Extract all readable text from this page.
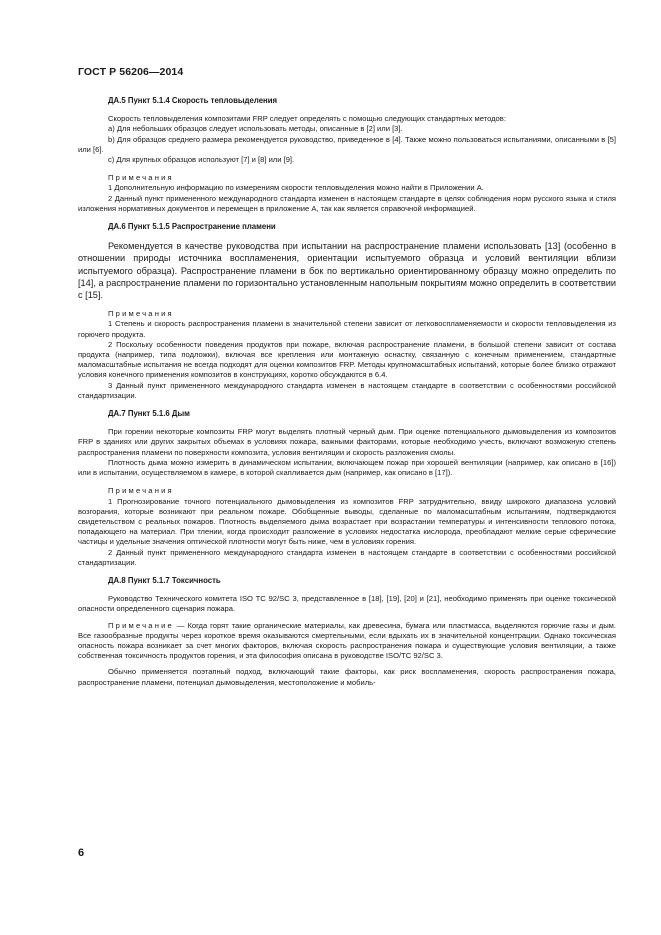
ГОСТ Р 56206—2014

ДА.5 Пункт 5.1.4 Скорость тепловыделения

Скорость тепловыделения композитами FRP следует определять с помощью следующих стандартных методов:

а) Для небольших образцов следует использовать методы, описанные в [2] или [3].

b) Для образцов среднего размера рекомендуется руководство, приведенное в [4]. Также можно пользоваться испытаниями, описанными в [5] или [6].

c) Для крупных образцов используют [7] и [8] или [9].

Примечания

1 Дополнительную информацию по измерениям скорости тепловыделения можно найти в Приложении А.

2 Данный пункт примененного международного стандарта изменен в настоящем стандарте в целях соблюдения норм русского языка и стиля изложения нормативных документов и перемещен в приложение А, так как является справочной информацией.

ДА.6 Пункт 5.1.5 Распространение пламени

Рекомендуется в качестве руководства при испытании на распространение пламени использовать [13] (особенно в отношении природы источника воспламенения, ориентации испытуемого образца и условий вентиляции вблизи испытуемого образца). Распространение пламени в бок по вертикально ориентированному образцу можно определить по [14], а распространение пламени по горизонтально установленным напольным покрытиям можно определить в соответствии с [15].

Примечания

1 Степень и скорость распространения пламени в значительной степени зависит от легковоспламеняемости и скорости тепловыделения из горючего продукта.

2 Поскольку особенности поведения продуктов при пожаре, включая распространение пламени, в большой степени зависит от состава продукта (например, типа подложки), включая все крепления или монтажную оснастку, связанную с конечным применением, стандартные маломасштабные испытания не всегда подходят для оценки композитов FRP. Методы крупномасштабных испытаний, которые более близко отражают условия конечного применения композитов в конструкциях, коротко обсуждаются в 6.4.

3 Данный пункт примененного международного стандарта изменен в настоящем стандарте в соответствии с особенностями российской стандартизации.

ДА.7 Пункт 5.1.6 Дым

При горении некоторые композиты FRP могут выделять плотный черный дым. При оценке потенциального дымовыделения из композитов FRP в зданиях или других закрытых объемах в условиях пожара, важными факторами, которые необходимо учесть, включают возможную степень распространения пламени по поверхности композита, условия вентиляции и скорость разложения смолы.

Плотность дыма можно измерить в динамическом испытании, включающем пожар при хорошей вентиляции (например, как описано в [16]) или в испытании, осуществляемом в камере, в которой скапливается дым (например, как описано в [17]).

Примечания

1 Прогнозирование точного потенциального дымовыделения из композитов FRP затруднительно, ввиду широкого диапазона условий возгорания, которые возникают при реальном пожаре. Обобщенные выводы, сделанные по маломасштабным испытаниям, подтверждаются свидетельством с реальных пожаров. Плотность выделяемого дыма возрастает при возрастании температуры и интенсивности теплового потока, попадающего на материал. При тлении, когда происходит разложение в условиях недостатка кислорода, преобладают мелкие серые сферические частицы и удельные значения оптической плотности могут быть ниже, чем в условиях горения.

2 Данный пункт примененного международного стандарта изменен в настоящем стандарте в соответствии с особенностями российской стандартизации.

ДА.8 Пункт 5.1.7 Токсичность

Руководство Технического комитета ISO TC 92/SC 3, представленное в [18], [19], [20] и [21], необходимо применять при оценке токсической опасности определенного сценария пожара.

Примечание — Когда горят такие органические материалы, как древесина, бумага или пластмасса, выделяются горючие газы и дым. Все газообразные продукты через короткое время оказываются смертельными, если вдыхать их в значительной концентрации. Однако токсическая опасность пожара возникает за счет многих факторов, включая скорость распространения пожара и существующие условия вентиляции, а также собственная токсичность продуктов горения, и эта философия описана в руководстве ISO/TC 92/SC 3.

Обычно применяется поэтапный подход, включающий такие факторы, как риск воспламенения, скорость распространения пожара, распространение пламени, потенциал дымовыделения, местоположение и мобиль-

6
